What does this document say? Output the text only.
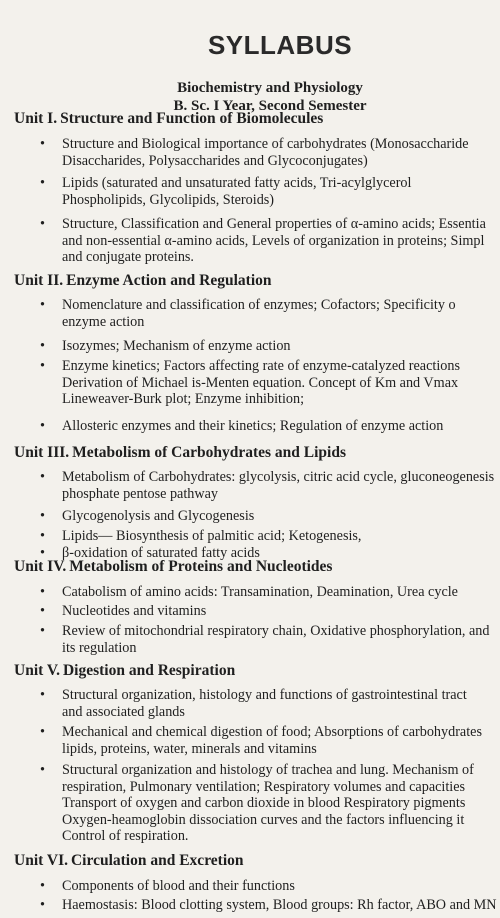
SYLLABUS
Biochemistry and Physiology
B. Sc. I Year, Second Semester
Unit I. Structure and Function of Biomolecules
• Structure and Biological importance of carbohydrates (Monosaccharide
Disaccharides, Polysaccharides and Glycoconjugates)
• Lipids (saturated and unsaturated fatty acids, Tri-acylglycerol
Phospholipids, Glycolipids, Steroids)
• Structure, Classification and General properties of α-amino acids; Essentia
and non-essential α-amino acids, Levels of organization in proteins; Simpl
and conjugate proteins.
Unit II. Enzyme Action and Regulation
• Nomenclature and classification of enzymes; Cofactors; Specificity o
enzyme action
• Isozymes; Mechanism of enzyme action
• Enzyme kinetics; Factors affecting rate of enzyme-catalyzed reactions
Derivation of Michael is-Menten equation. Concept of Km and Vmax
Lineweaver-Burk plot; Enzyme inhibition;
• Allosteric enzymes and their kinetics; Regulation of enzyme action
Unit III. Metabolism of Carbohydrates and Lipids
• Metabolism of Carbohydrates: glycolysis, citric acid cycle, gluconeogenesis
phosphate pentose pathway
• Glycogenolysis and Glycogenesis
• Lipids— Biosynthesis of palmitic acid; Ketogenesis,
• β-oxidation of saturated fatty acids
Unit IV. Metabolism of Proteins and Nucleotides
• Catabolism of amino acids: Transamination, Deamination, Urea cycle
• Nucleotides and vitamins
• Review of mitochondrial respiratory chain, Oxidative phosphorylation, and
its regulation
Unit V. Digestion and Respiration
• Structural organization, histology and functions of gastrointestinal tract
and associated glands
• Mechanical and chemical digestion of food; Absorptions of carbohydrates
lipids, proteins, water, minerals and vitamins
• Structural organization and histology of trachea and lung. Mechanism of
respiration, Pulmonary ventilation; Respiratory volumes and capacities
Transport of oxygen and carbon dioxide in blood Respiratory pigments
Oxygen-heamoglobin dissociation curves and the factors influencing it
Control of respiration.
Unit VI. Circulation and Excretion
• Components of blood and their functions
• Haemostasis: Blood clotting system, Blood groups: Rh factor, ABO and MN
